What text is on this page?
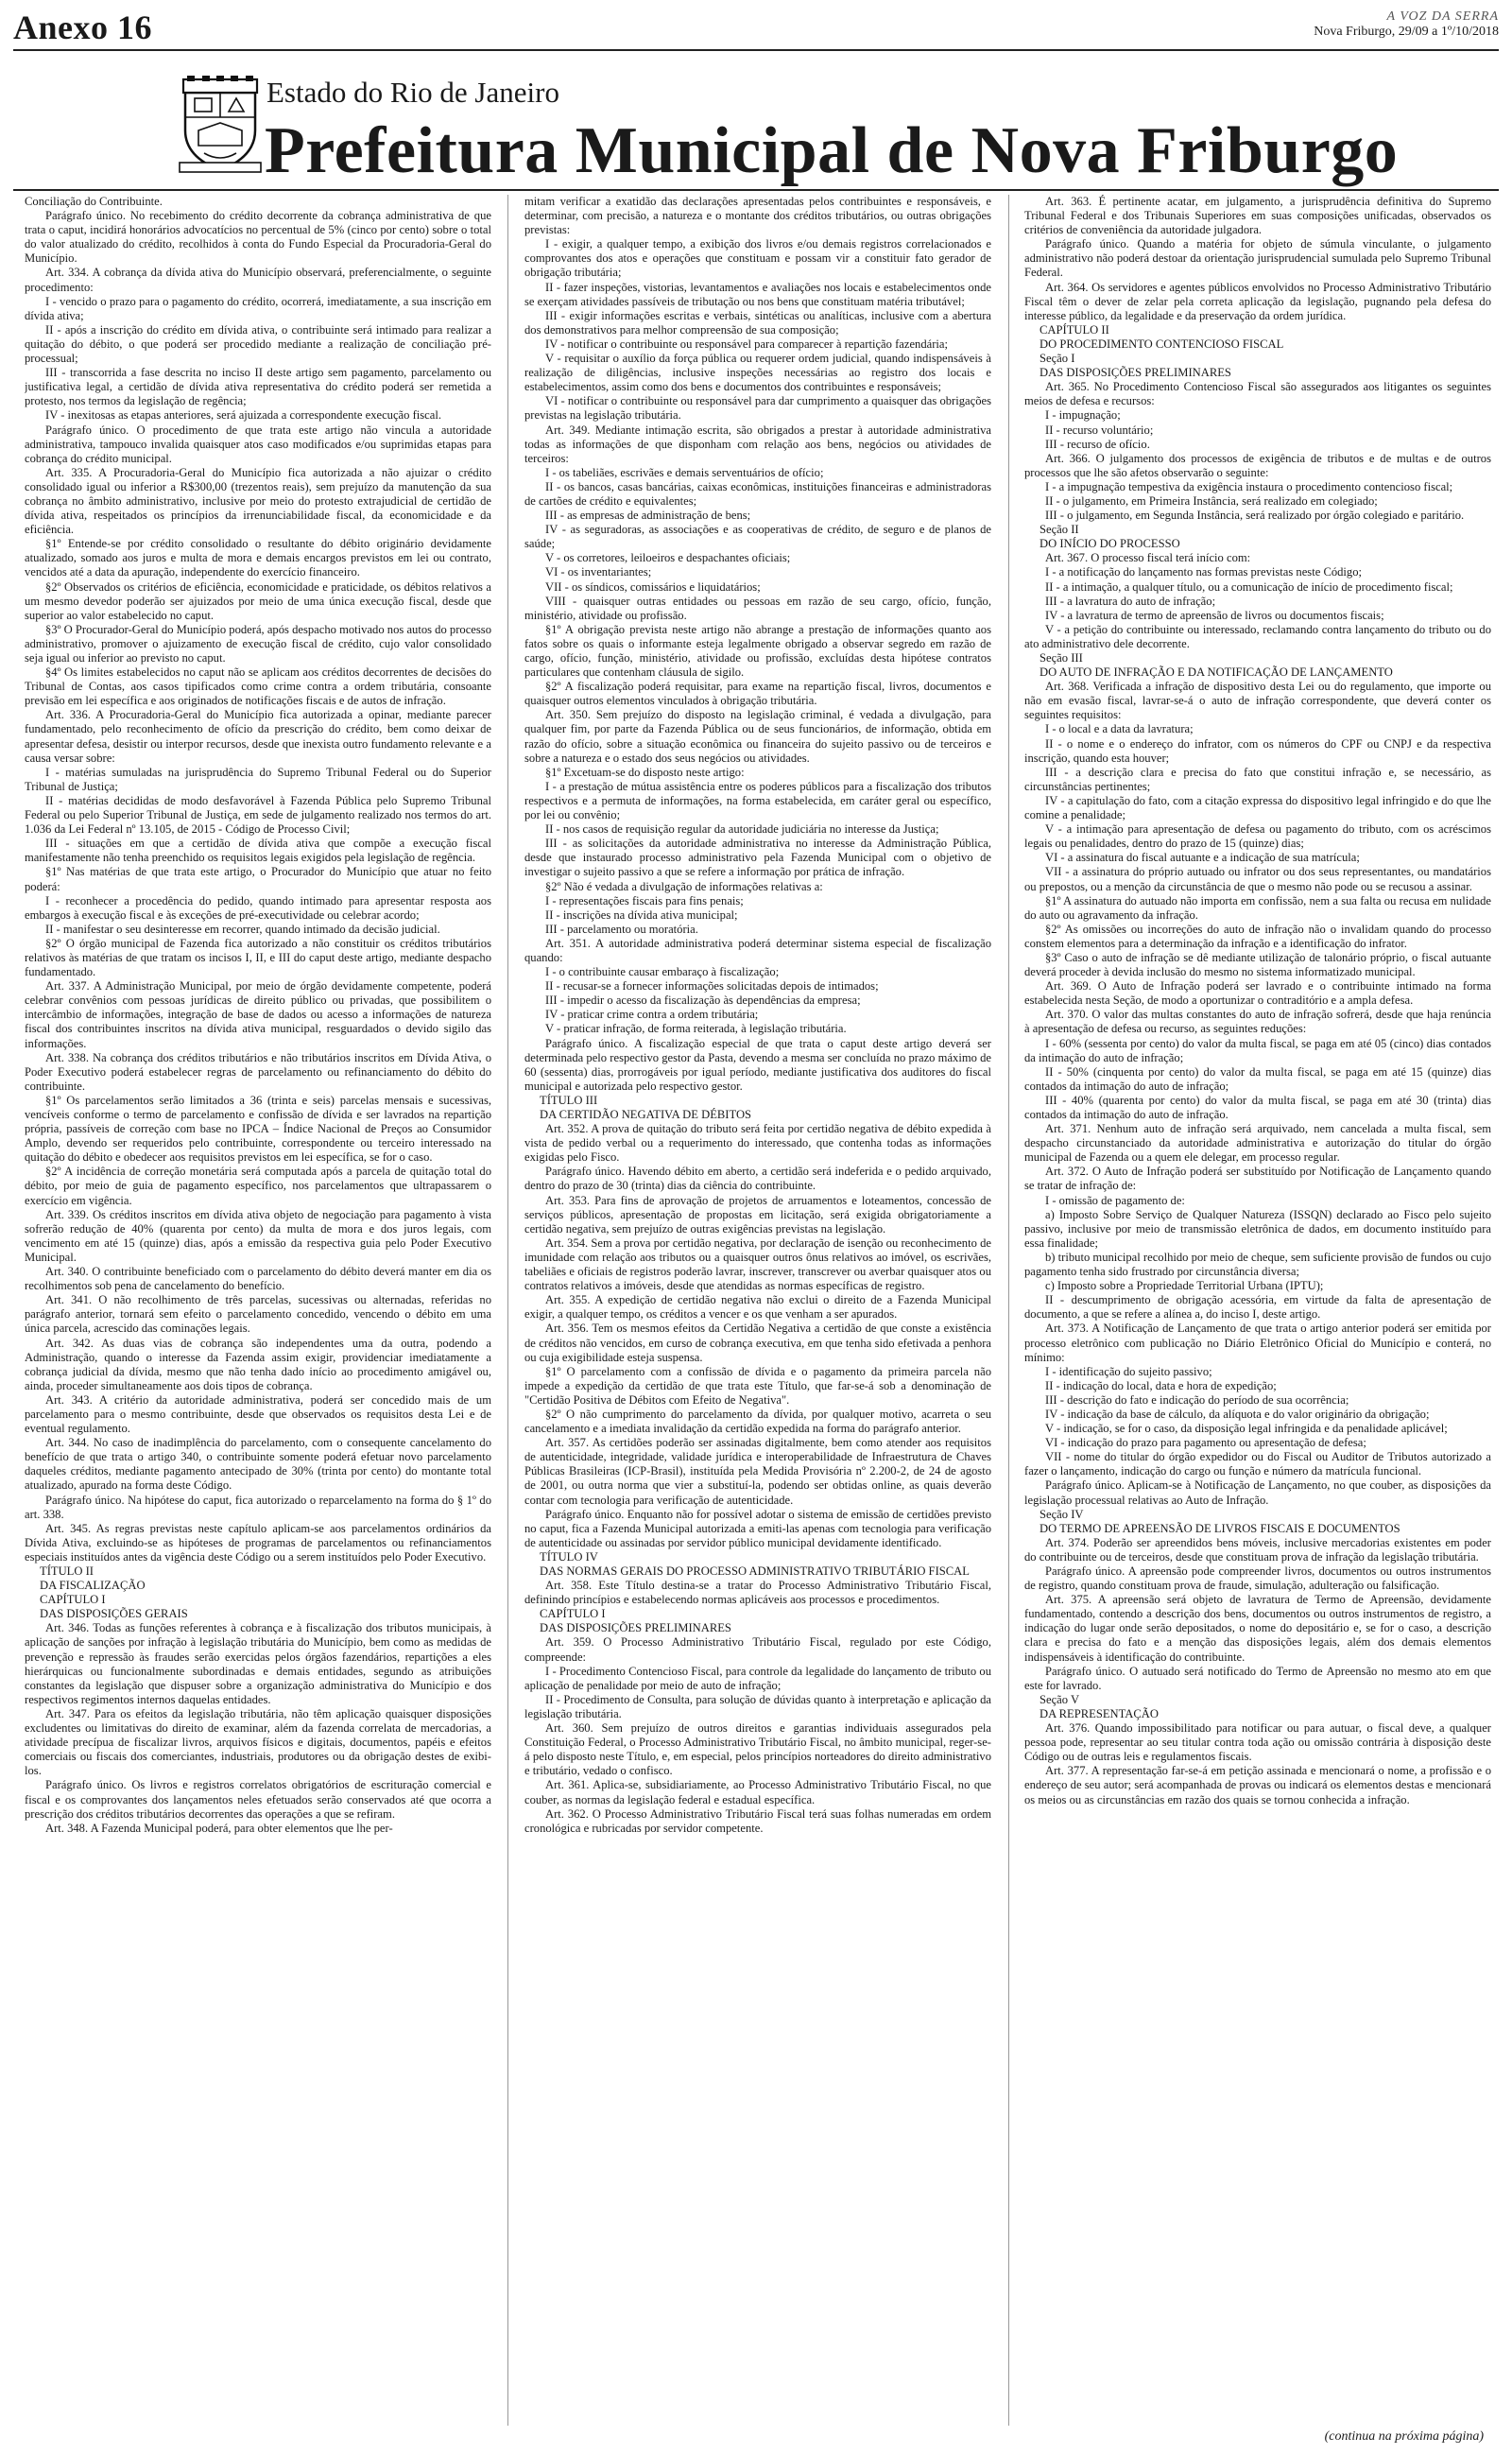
Anexo 16	A VOZ DA SERRA
Nova Friburgo, 29/09 a 1º/10/2018
Estado do Rio de Janeiro
Prefeitura Municipal de Nova Friburgo

Conciliação do Contribuinte.

Parágrafo único. No recebimento do crédito decorrente da cobrança administrativa de que trata o caput, incidirá honorários advocatícios no percentual de 5% (cinco por cento) sobre o total do valor atualizado do crédito, recolhidos à conta do Fundo Especial da Procuradoria-Geral do Município.

Art. 334. A cobrança da dívida ativa do Município observará, preferencialmente, o seguinte procedimento:

I - vencido o prazo para o pagamento do crédito, ocorrerá, imediatamente, a sua inscrição em dívida ativa;

II - após a inscrição do crédito em dívida ativa, o contribuinte será intimado para realizar a quitação do débito, o que poderá ser procedido mediante a realização de conciliação pré-processual;

III - transcorrida a fase descrita no inciso II deste artigo sem pagamento, parcelamento ou justificativa legal, a certidão de dívida ativa representativa do crédito poderá ser remetida a protesto, nos termos da legislação de regência;

IV - inexitosas as etapas anteriores, será ajuizada a correspondente execução fiscal.

Parágrafo único. O procedimento de que trata este artigo não vincula a autoridade administrativa, tampouco invalida quaisquer atos caso modificados e/ou suprimidas etapas para cobrança do crédito municipal.

Art. 335. A Procuradoria-Geral do Município fica autorizada a não ajuizar o crédito consolidado igual ou inferior a R$300,00 (trezentos reais), sem prejuízo da manutenção da sua cobrança no âmbito administrativo, inclusive por meio do protesto extrajudicial de certidão de dívida ativa, respeitados os princípios da irrenunciabilidade fiscal, da economicidade e da eficiência.

§1º Entende-se por crédito consolidado o resultante do débito originário devidamente atualizado, somado aos juros e multa de mora e demais encargos previstos em lei ou contrato, vencidos até a data da apuração, independente do exercício financeiro.

§2º Observados os critérios de eficiência, economicidade e praticidade, os débitos relativos a um mesmo devedor poderão ser ajuizados por meio de uma única execução fiscal, desde que superior ao valor estabelecido no caput.

§3º O Procurador-Geral do Município poderá, após despacho motivado nos autos do processo administrativo, promover o ajuizamento de execução fiscal de crédito, cujo valor consolidado seja igual ou inferior ao previsto no caput.

§4º Os limites estabelecidos no caput não se aplicam aos créditos decorrentes de decisões do Tribunal de Contas, aos casos tipificados como crime contra a ordem tributária, consoante previsão em lei específica e aos originados de notificações fiscais e de autos de infração.

Art. 336. A Procuradoria-Geral do Município fica autorizada a opinar, mediante parecer fundamentado, pelo reconhecimento de ofício da prescrição do crédito, bem como deixar de apresentar defesa, desistir ou interpor recursos, desde que inexista outro fundamento relevante e a causa versar sobre:

I - matérias sumuladas na jurisprudência do Supremo Tribunal Federal ou do Superior Tribunal de Justiça;

II - matérias decididas de modo desfavorável à Fazenda Pública pelo Supremo Tribunal Federal ou pelo Superior Tribunal de Justiça, em sede de julgamento realizado nos termos do art. 1.036 da Lei Federal nº 13.105, de 2015 - Código de Processo Civil;

III - situações em que a certidão de dívida ativa que compõe a execução fiscal manifestamente não tenha preenchido os requisitos legais exigidos pela legislação de regência.

§1º Nas matérias de que trata este artigo, o Procurador do Município que atuar no feito poderá:

I - reconhecer a procedência do pedido, quando intimado para apresentar resposta aos embargos à execução fiscal e às exceções de pré-executividade ou celebrar acordo;

II - manifestar o seu desinteresse em recorrer, quando intimado da decisão judicial.

§2º O órgão municipal de Fazenda fica autorizado a não constituir os créditos tributários relativos às matérias de que tratam os incisos I, II, e III do caput deste artigo, mediante despacho fundamentado.

Art. 337. A Administração Municipal, por meio de órgão devidamente competente, poderá celebrar convênios com pessoas jurídicas de direito público ou privadas, que possibilitem o intercâmbio de informações, integração de base de dados ou acesso a informações de natureza fiscal dos contribuintes inscritos na dívida ativa municipal, resguardados o devido sigilo das informações.

Art. 338. Na cobrança dos créditos tributários e não tributários inscritos em Dívida Ativa, o Poder Executivo poderá estabelecer regras de parcelamento ou refinanciamento do débito do contribuinte.

§1º Os parcelamentos serão limitados a 36 (trinta e seis) parcelas mensais e sucessivas, vencíveis conforme o termo de parcelamento e confissão de dívida e ser lavrados na repartição própria, passíveis de correção com base no IPCA – Índice Nacional de Preços ao Consumidor Amplo, devendo ser requeridos pelo contribuinte, correspondente ou terceiro interessado na quitação do débito e obedecer aos requisitos previstos em lei específica, se for o caso.

§2º A incidência de correção monetária será computada após a parcela de quitação total do débito, por meio de guia de pagamento específico, nos parcelamentos que ultrapassarem o exercício em vigência.

Art. 339. Os créditos inscritos em dívida ativa objeto de negociação para pagamento à vista sofrerão redução de 40% (quarenta por cento) da multa de mora e dos juros legais, com vencimento em até 15 (quinze) dias, após a emissão da respectiva guia pelo Poder Executivo Municipal.

Art. 340. O contribuinte beneficiado com o parcelamento do débito deverá manter em dia os recolhimentos sob pena de cancelamento do benefício.

Art. 341. O não recolhimento de três parcelas, sucessivas ou alternadas, referidas no parágrafo anterior, tornará sem efeito o parcelamento concedido, vencendo o débito em uma única parcela, acrescido das cominações legais.

Art. 342. As duas vias de cobrança são independentes uma da outra, podendo a Administração, quando o interesse da Fazenda assim exigir, providenciar imediatamente a cobrança judicial da dívida, mesmo que não tenha dado início ao procedimento amigável ou, ainda, proceder simultaneamente aos dois tipos de cobrança.

Art. 343. A critério da autoridade administrativa, poderá ser concedido mais de um parcelamento para o mesmo contribuinte, desde que observados os requisitos desta Lei e de eventual regulamento.

Art. 344. No caso de inadimplência do parcelamento, com o consequente cancelamento do benefício de que trata o artigo 340, o contribuinte somente poderá efetuar novo parcelamento daqueles créditos, mediante pagamento antecipado de 30% (trinta por cento) do montante total atualizado, apurado na forma deste Código.

Parágrafo único. Na hipótese do caput, fica autorizado o reparcelamento na forma do § 1º do art. 338.

Art. 345. As regras previstas neste capítulo aplicam-se aos parcelamentos ordinários da Dívida Ativa, excluindo-se as hipóteses de programas de parcelamentos ou refinanciamentos especiais instituídos antes da vigência deste Código ou a serem instituídos pelo Poder Executivo.

TÍTULO II

DA FISCALIZAÇÃO

CAPÍTULO I

DAS DISPOSIÇÕES GERAIS

Art. 346. Todas as funções referentes à cobrança e à fiscalização dos tributos municipais, à aplicação de sanções por infração à legislação tributária do Município, bem como as medidas de prevenção e repressão às fraudes serão exercidas pelos órgãos fazendários, repartições a eles hierárquicas ou funcionalmente subordinadas e demais entidades, segundo as atribuições constantes da legislação que dispuser sobre a organização administrativa do Município e dos respectivos regimentos internos daquelas entidades.

Art. 347. Para os efeitos da legislação tributária, não têm aplicação quaisquer disposições excludentes ou limitativas do direito de examinar, além da fazenda correlata de mercadorias, a atividade precípua de fiscalizar livros, arquivos físicos e digitais, documentos, papéis e efeitos comerciais ou fiscais dos comerciantes, industriais, produtores ou da obrigação destes de exibi-los.

Parágrafo único. Os livros e registros correlatos obrigatórios de escrituração comercial e fiscal e os comprovantes dos lançamentos neles efetuados serão conservados até que ocorra a prescrição dos créditos tributários decorrentes das operações a que se refiram.

Art. 348. A Fazenda Municipal poderá, para obter elementos que lhe per-

mitam verificar a exatidão das declarações apresentadas pelos contribuintes e responsáveis, e determinar, com precisão, a natureza e o montante dos créditos tributários, ou outras obrigações previstas:

I - exigir, a qualquer tempo, a exibição dos livros e/ou demais registros correlacionados e comprovantes dos atos e operações que constituam e possam vir a constituir fato gerador de obrigação tributária;

II - fazer inspeções, vistorias, levantamentos e avaliações nos locais e estabelecimentos onde se exerçam atividades passíveis de tributação ou nos bens que constituam matéria tributável;

III - exigir informações escritas e verbais, sintéticas ou analíticas, inclusive com a abertura dos demonstrativos para melhor compreensão de sua composição;

IV - notificar o contribuinte ou responsável para comparecer à repartição fazendária;

V - requisitar o auxílio da força pública ou requerer ordem judicial, quando indispensáveis à realização de diligências, inclusive inspeções necessárias ao registro dos locais e estabelecimentos, assim como dos bens e documentos dos contribuintes e responsáveis;

VI - notificar o contribuinte ou responsável para dar cumprimento a quaisquer das obrigações previstas na legislação tributária.

Art. 349. Mediante intimação escrita, são obrigados a prestar à autoridade administrativa todas as informações de que disponham com relação aos bens, negócios ou atividades de terceiros:

I - os tabeliães, escrivães e demais serventuários de ofício;

II - os bancos, casas bancárias, caixas econômicas, instituições financeiras e administradoras de cartões de crédito e equivalentes;

III - as empresas de administração de bens;

IV - as seguradoras, as associações e as cooperativas de crédito, de seguro e de planos de saúde;

V - os corretores, leiloeiros e despachantes oficiais;

VI - os inventariantes;

VII - os síndicos, comissários e liquidatários;

VIII - quaisquer outras entidades ou pessoas em razão de seu cargo, ofício, função, ministério, atividade ou profissão.

§1º A obrigação prevista neste artigo não abrange a prestação de informações quanto aos fatos sobre os quais o informante esteja legalmente obrigado a observar segredo em razão de cargo, ofício, função, ministério, atividade ou profissão, excluídas desta hipótese contratos particulares que contenham cláusula de sigilo.

§2º A fiscalização poderá requisitar, para exame na repartição fiscal, livros, documentos e quaisquer outros elementos vinculados à obrigação tributária.

Art. 350. Sem prejuízo do disposto na legislação criminal, é vedada a divulgação, para qualquer fim, por parte da Fazenda Pública ou de seus funcionários, de informação, obtida em razão do ofício, sobre a situação econômica ou financeira do sujeito passivo ou de terceiros e sobre a natureza e o estado dos seus negócios ou atividades.

§1º Excetuam-se do disposto neste artigo:

I - a prestação de mútua assistência entre os poderes públicos para a fiscalização dos tributos respectivos e a permuta de informações, na forma estabelecida, em caráter geral ou específico, por lei ou convênio;

II - nos casos de requisição regular da autoridade judiciária no interesse da Justiça;

III - as solicitações da autoridade administrativa no interesse da Administração Pública, desde que instaurado processo administrativo pela Fazenda Municipal com o objetivo de investigar o sujeito passivo a que se refere a informação por prática de infração.

§2º Não é vedada a divulgação de informações relativas a:

I - representações fiscais para fins penais;

II - inscrições na dívida ativa municipal;

III - parcelamento ou moratória.

Art. 351. A autoridade administrativa poderá determinar sistema especial de fiscalização quando:

I - o contribuinte causar embaraço à fiscalização;

II - recusar-se a fornecer informações solicitadas depois de intimados;

III - impedir o acesso da fiscalização às dependências da empresa;

IV - praticar crime contra a ordem tributária;

V - praticar infração, de forma reiterada, à legislação tributária.

Parágrafo único. A fiscalização especial de que trata o caput deste artigo deverá ser determinada pelo respectivo gestor da Pasta, devendo a mesma ser concluída no prazo máximo de 60 (sessenta) dias, prorrogáveis por igual período, mediante justificativa dos auditores do fiscal municipal e autorizada pelo respectivo gestor.

TÍTULO III

DA CERTIDÃO NEGATIVA DE DÉBITOS

Art. 352. A prova de quitação do tributo será feita por certidão negativa de débito expedida à vista de pedido verbal ou a requerimento do interessado, que contenha todas as informações exigidas pelo Fisco.

Parágrafo único. Havendo débito em aberto, a certidão será indeferida e o pedido arquivado, dentro do prazo de 30 (trinta) dias da ciência do contribuinte.

Art. 353. Para fins de aprovação de projetos de arruamentos e loteamentos, concessão de serviços públicos, apresentação de propostas em licitação, será exigida obrigatoriamente a certidão negativa, sem prejuízo de outras exigências previstas na legislação.

Art. 354. Sem a prova por certidão negativa, por declaração de isenção ou reconhecimento de imunidade com relação aos tributos ou a quaisquer outros ônus relativos ao imóvel, os escrivães, tabeliães e oficiais de registros poderão lavrar, inscrever, transcrever ou averbar quaisquer atos ou contratos relativos a imóveis, desde que atendidas as normas específicas de registro.

Art. 355. A expedição de certidão negativa não exclui o direito de a Fazenda Municipal exigir, a qualquer tempo, os créditos a vencer e os que venham a ser apurados.

Art. 356. Tem os mesmos efeitos da Certidão Negativa a certidão de que conste a existência de créditos não vencidos, em curso de cobrança executiva, em que tenha sido efetivada a penhora ou cuja exigibilidade esteja suspensa.

§1º O parcelamento com a confissão de dívida e o pagamento da primeira parcela não impede a expedição da certidão de que trata este Título, que far-se-á sob a denominação de "Certidão Positiva de Débitos com Efeito de Negativa".

§2º O não cumprimento do parcelamento da dívida, por qualquer motivo, acarreta o seu cancelamento e a imediata invalidação da certidão expedida na forma do parágrafo anterior.

Art. 357. As certidões poderão ser assinadas digitalmente, bem como atender aos requisitos de autenticidade, integridade, validade jurídica e interoperabilidade de Infraestrutura de Chaves Públicas Brasileiras (ICP-Brasil), instituída pela Medida Provisória nº 2.200-2, de 24 de agosto de 2001, ou outra norma que vier a substituí-la, podendo ser obtidas online, as quais deverão contar com tecnologia para verificação de autenticidade.

Parágrafo único. Enquanto não for possível adotar o sistema de emissão de certidões previsto no caput, fica a Fazenda Municipal autorizada a emiti-las apenas com tecnologia para verificação de autenticidade ou assinadas por servidor público municipal devidamente identificado.

TÍTULO IV

DAS NORMAS GERAIS DO PROCESSO ADMINISTRATIVO TRIBUTÁRIO FISCAL

Art. 358. Este Título destina-se a tratar do Processo Administrativo Tributário Fiscal, definindo princípios e estabelecendo normas aplicáveis aos processos e procedimentos.

CAPÍTULO I

DAS DISPOSIÇÕES PRELIMINARES

Art. 359. O Processo Administrativo Tributário Fiscal, regulado por este Código, compreende:

I - Procedimento Contencioso Fiscal, para controle da legalidade do lançamento de tributo ou aplicação de penalidade por meio de auto de infração;

II - Procedimento de Consulta, para solução de dúvidas quanto à interpretação e aplicação da legislação tributária.

Art. 360. Sem prejuízo de outros direitos e garantias individuais assegurados pela Constituição Federal, o Processo Administrativo Tributário Fiscal, no âmbito municipal, reger-se-á pelo disposto neste Título, e, em especial, pelos princípios norteadores do direito administrativo e tributário, vedado o confisco.

Art. 361. Aplica-se, subsidiariamente, ao Processo Administrativo Tributário Fiscal, no que couber, as normas da legislação federal e estadual específica.

Art. 362. O Processo Administrativo Tributário Fiscal terá suas folhas numeradas em ordem cronológica e rubricadas por servidor competente.

Art. 363. É pertinente acatar, em julgamento, a jurisprudência definitiva do Supremo Tribunal Federal e dos Tribunais Superiores em suas composições unificadas, observados os critérios de conveniência da autoridade julgadora.

Parágrafo único. Quando a matéria for objeto de súmula vinculante, o julgamento administrativo não poderá destoar da orientação jurisprudencial sumulada pelo Supremo Tribunal Federal.

Art. 364. Os servidores e agentes públicos envolvidos no Processo Administrativo Tributário Fiscal têm o dever de zelar pela correta aplicação da legislação, pugnando pela defesa do interesse público, da legalidade e da preservação da ordem jurídica.

CAPÍTULO II

DO PROCEDIMENTO CONTENCIOSO FISCAL

Seção I

DAS DISPOSIÇÕES PRELIMINARES

Art. 365. No Procedimento Contencioso Fiscal são assegurados aos litigantes os seguintes meios de defesa e recursos:

I - impugnação;

II - recurso voluntário;

III - recurso de ofício.

Art. 366. O julgamento dos processos de exigência de tributos e de multas e de outros processos que lhe são afetos observarão o seguinte:

I - a impugnação tempestiva da exigência instaura o procedimento contencioso fiscal;

II - o julgamento, em Primeira Instância, será realizado em colegiado;

III - o julgamento, em Segunda Instância, será realizado por órgão colegiado e paritário.

Seção II

DO INÍCIO DO PROCESSO

Art. 367. O processo fiscal terá início com:

I - a notificação do lançamento nas formas previstas neste Código;

II - a intimação, a qualquer título, ou a comunicação de início de procedimento fiscal;

III - a lavratura do auto de infração;

IV - a lavratura de termo de apreensão de livros ou documentos fiscais;

V - a petição do contribuinte ou interessado, reclamando contra lançamento do tributo ou do ato administrativo dele decorrente.

Seção III

DO AUTO DE INFRAÇÃO E DA NOTIFICAÇÃO DE LANÇAMENTO

Art. 368. Verificada a infração de dispositivo desta Lei ou do regulamento, que importe ou não em evasão fiscal, lavrar-se-á o auto de infração correspondente, que deverá conter os seguintes requisitos:

I - o local e a data da lavratura;

II - o nome e o endereço do infrator, com os números do CPF ou CNPJ e da respectiva inscrição, quando esta houver;

III - a descrição clara e precisa do fato que constitui infração e, se necessário, as circunstâncias pertinentes;

IV - a capitulação do fato, com a citação expressa do dispositivo legal infringido e do que lhe comine a penalidade;

V - a intimação para apresentação de defesa ou pagamento do tributo, com os acréscimos legais ou penalidades, dentro do prazo de 15 (quinze) dias;

VI - a assinatura do fiscal autuante e a indicação de sua matrícula;

VII - a assinatura do próprio autuado ou infrator ou dos seus representantes, ou mandatários ou prepostos, ou a menção da circunstância de que o mesmo não pode ou se recusou a assinar.

§1º A assinatura do autuado não importa em confissão, nem a sua falta ou recusa em nulidade do auto ou agravamento da infração.

§2º As omissões ou incorreções do auto de infração não o invalidam quando do processo constem elementos para a determinação da infração e a identificação do infrator.

§3º Caso o auto de infração se dê mediante utilização de talonário próprio, o fiscal autuante deverá proceder à devida inclusão do mesmo no sistema informatizado municipal.

Art. 369. O Auto de Infração poderá ser lavrado e o contribuinte intimado na forma estabelecida nesta Seção, de modo a oportunizar o contraditório e a ampla defesa.

Art. 370. O valor das multas constantes do auto de infração sofrerá, desde que haja renúncia à apresentação de defesa ou recurso, as seguintes reduções:

I - 60% (sessenta por cento) do valor da multa fiscal, se paga em até 05 (cinco) dias contados da intimação do auto de infração;

II - 50% (cinquenta por cento) do valor da multa fiscal, se paga em até 15 (quinze) dias contados da intimação do auto de infração;

III - 40% (quarenta por cento) do valor da multa fiscal, se paga em até 30 (trinta) dias contados da intimação do auto de infração.

Art. 371. Nenhum auto de infração será arquivado, nem cancelada a multa fiscal, sem despacho circunstanciado da autoridade administrativa e autorização do titular do órgão municipal de Fazenda ou a quem ele delegar, em processo regular.

Art. 372. O Auto de Infração poderá ser substituído por Notificação de Lançamento quando se tratar de infração de:

I - omissão de pagamento de:

a) Imposto Sobre Serviço de Qualquer Natureza (ISSQN) declarado ao Fisco pelo sujeito passivo, inclusive por meio de transmissão eletrônica de dados, em documento instituído para essa finalidade;

b) tributo municipal recolhido por meio de cheque, sem suficiente provisão de fundos ou cujo pagamento tenha sido frustrado por circunstância diversa;

c) Imposto sobre a Propriedade Territorial Urbana (IPTU);

II - descumprimento de obrigação acessória, em virtude da falta de apresentação de documento, a que se refere a alínea a, do inciso I, deste artigo.

Art. 373. A Notificação de Lançamento de que trata o artigo anterior poderá ser emitida por processo eletrônico com publicação no Diário Eletrônico Oficial do Município e conterá, no mínimo:

I - identificação do sujeito passivo;

II - indicação do local, data e hora de expedição;

III - descrição do fato e indicação do período de sua ocorrência;

IV - indicação da base de cálculo, da alíquota e do valor originário da obrigação;

V - indicação, se for o caso, da disposição legal infringida e da penalidade aplicável;

VI - indicação do prazo para pagamento ou apresentação de defesa;

VII - nome do titular do órgão expedidor ou do Fiscal ou Auditor de Tributos autorizado a fazer o lançamento, indicação do cargo ou função e número da matrícula funcional.

Parágrafo único. Aplicam-se à Notificação de Lançamento, no que couber, as disposições da legislação processual relativas ao Auto de Infração.

Seção IV

DO TERMO DE APREENSÃO DE LIVROS FISCAIS E DOCUMENTOS

Art. 374. Poderão ser apreendidos bens móveis, inclusive mercadorias existentes em poder do contribuinte ou de terceiros, desde que constituam prova de infração da legislação tributária.

Parágrafo único. A apreensão pode compreender livros, documentos ou outros instrumentos de registro, quando constituam prova de fraude, simulação, adulteração ou falsificação.

Art. 375. A apreensão será objeto de lavratura de Termo de Apreensão, devidamente fundamentado, contendo a descrição dos bens, documentos ou outros instrumentos de registro, a indicação do lugar onde serão depositados, o nome do depositário e, se for o caso, a descrição clara e precisa do fato e a menção das disposições legais, além dos demais elementos indispensáveis à identificação do contribuinte.

Parágrafo único. O autuado será notificado do Termo de Apreensão no mesmo ato em que este for lavrado.

Seção V

DA REPRESENTAÇÃO

Art. 376. Quando impossibilitado para notificar ou para autuar, o fiscal deve, a qualquer pessoa pode, representar ao seu titular contra toda ação ou omissão contrária à disposição deste Código ou de outras leis e regulamentos fiscais.

Art. 377. A representação far-se-á em petição assinada e mencionará o nome, a profissão e o endereço de seu autor; será acompanhada de provas ou indicará os elementos destas e mencionará os meios ou as circunstâncias em razão dos quais se tornou conhecida a infração.

(continua na próxima página)
